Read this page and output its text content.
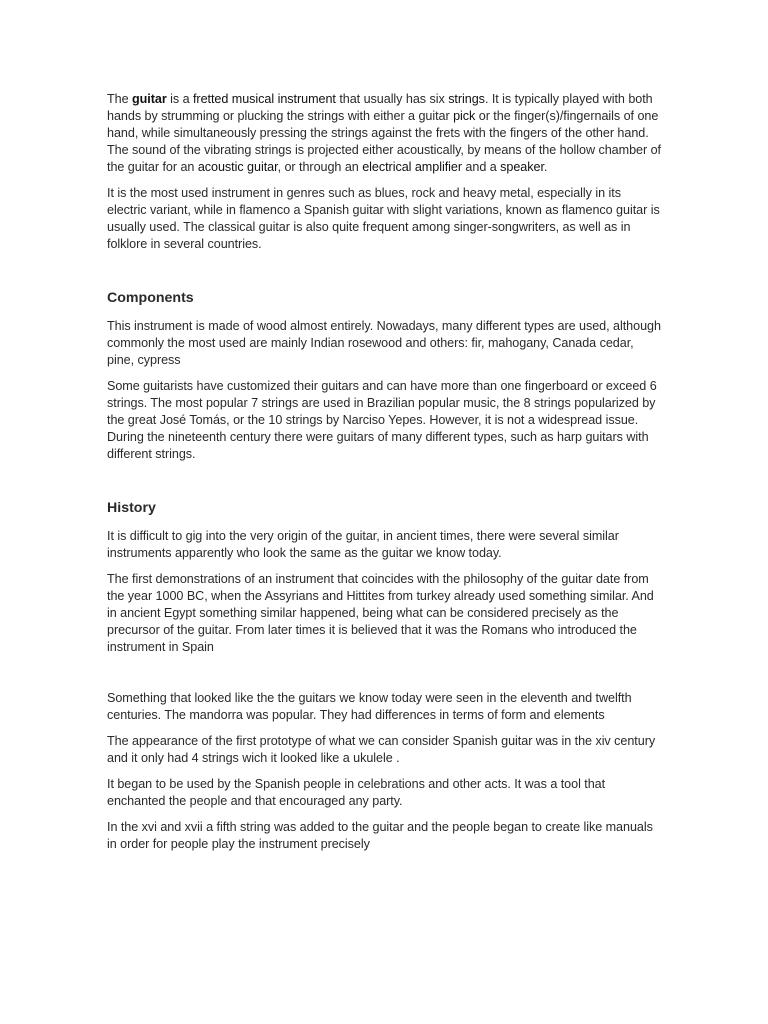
The guitar is a fretted musical instrument that usually has six strings. It is typically played with both hands by strumming or plucking the strings with either a guitar pick or the finger(s)/fingernails of one hand, while simultaneously pressing the strings against the frets with the fingers of the other hand. The sound of the vibrating strings is projected either acoustically, by means of the hollow chamber of the guitar for an acoustic guitar, or through an electrical amplifier and a speaker.

It is the most used instrument in genres such as blues, rock and heavy metal, especially in its electric variant, while in flamenco a Spanish guitar with slight variations, known as flamenco guitar is usually used. The classical guitar is also quite frequent among singer-songwriters, as well as in folklore in several countries.

Components

This instrument is made of wood almost entirely. Nowadays, many different types are used, although commonly the most used are mainly Indian rosewood and others: fir, mahogany, Canada cedar, pine, cypress

Some guitarists have customized their guitars and can have more than one fingerboard or exceed 6 strings. The most popular 7 strings are used in Brazilian popular music, the 8 strings popularized by the great José Tomás, or the 10 strings by Narciso Yepes. However, it is not a widespread issue. During the nineteenth century there were guitars of many different types, such as harp guitars with different strings.

History

It is difficult to gig into the very origin of the guitar, in ancient times, there were several similar instruments apparently who look the same as the guitar we know today.

The first demonstrations of an instrument that coincides with the philosophy of the guitar date from the year 1000 BC, when the Assyrians and Hittites from turkey already used something similar. And in ancient Egypt something similar happened, being what can be considered precisely as the precursor of the guitar. From later times it is believed that it was the Romans who introduced the instrument in Spain

Something that looked like the the guitars we know today were seen in the eleventh and twelfth centuries. The mandorra was popular. They had differences in terms of form and elements

The appearance of the first prototype of what we can consider Spanish guitar was in the xiv century and it only had 4 strings wich it looked like a ukulele .

It began to be used by the Spanish people in celebrations and other acts. It was a tool that enchanted the people and that encouraged any party.

In the xvi and xvii a fifth string was added to the guitar and the people began to create like manuals in order for people play the instrument precisely
